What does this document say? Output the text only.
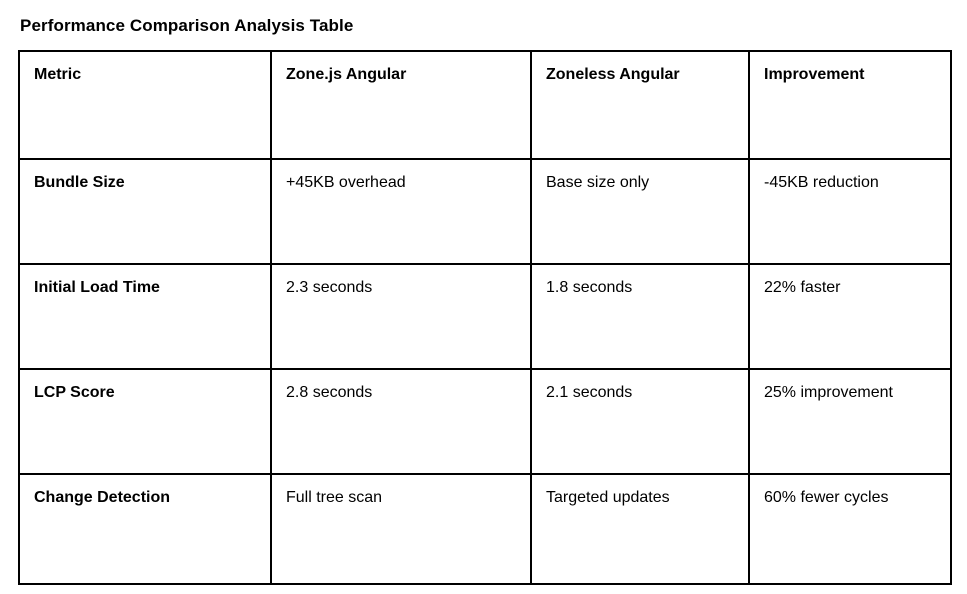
Performance Comparison Analysis Table
Metric	Zone.js Angular	Zoneless Angular	Improvement
Bundle Size	+45KB overhead	Base size only	-45KB reduction
Initial Load Time	2.3 seconds	1.8 seconds	22% faster
LCP Score	2.8 seconds	2.1 seconds	25% improvement
Change Detection	Full tree scan	Targeted updates	60% fewer cycles
